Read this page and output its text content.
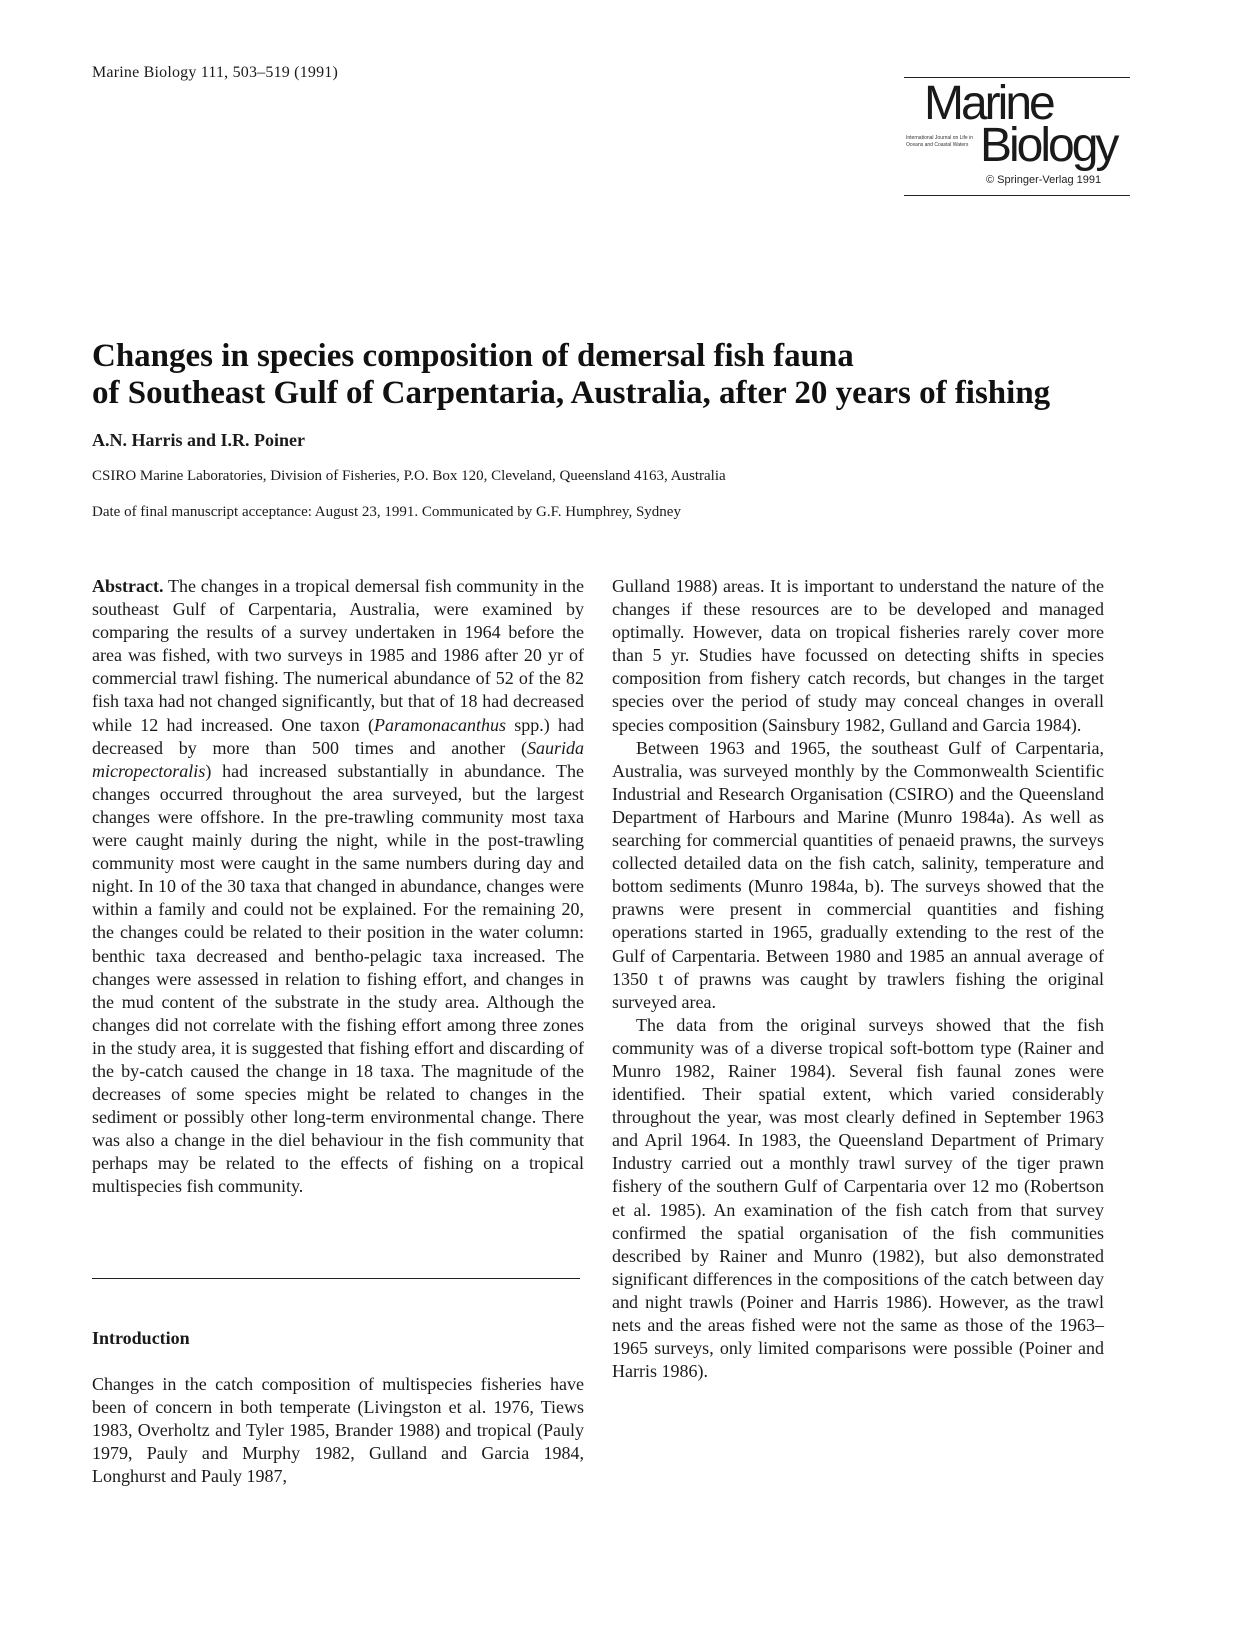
Marine Biology 111, 503–519 (1991)
Marine
International Journal on Life in Oceans and Coastal Waters Biology
© Springer-Verlag 1991
Changes in species composition of demersal fish fauna
of Southeast Gulf of Carpentaria, Australia, after 20 years of fishing
A.N. Harris and I.R. Poiner
CSIRO Marine Laboratories, Division of Fisheries, P.O. Box 120, Cleveland, Queensland 4163, Australia
Date of final manuscript acceptance: August 23, 1991. Communicated by G.F. Humphrey, Sydney

Abstract. The changes in a tropical demersal fish community in the southeast Gulf of Carpentaria, Australia, were examined by comparing the results of a survey undertaken in 1964 before the area was fished, with two surveys in 1985 and 1986 after 20 yr of commercial trawl fishing. The numerical abundance of 52 of the 82 fish taxa had not changed significantly, but that of 18 had decreased while 12 had increased. One taxon (Paramonacanthus spp.) had decreased by more than 500 times and another (Saurida micropectoralis) had increased substantially in abundance. The changes occurred throughout the area surveyed, but the largest changes were offshore. In the pre-trawling community most taxa were caught mainly during the night, while in the post-trawling community most were caught in the same numbers during day and night. In 10 of the 30 taxa that changed in abundance, changes were within a family and could not be explained. For the remaining 20, the changes could be related to their position in the water column: benthic taxa decreased and bentho-pelagic taxa increased. The changes were assessed in relation to fishing effort, and changes in the mud content of the substrate in the study area. Although the changes did not correlate with the fishing effort among three zones in the study area, it is suggested that fishing effort and discarding of the by-catch caused the change in 18 taxa. The magnitude of the decreases of some species might be related to changes in the sediment or possibly other long-term environmental change. There was also a change in the diel behaviour in the fish community that perhaps may be related to the effects of fishing on a tropical multispecies fish community.

Introduction

Changes in the catch composition of multispecies fisheries have been of concern in both temperate (Livingston et al. 1976, Tiews 1983, Overholtz and Tyler 1985, Brander 1988) and tropical (Pauly 1979, Pauly and Murphy 1982, Gulland and Garcia 1984, Longhurst and Pauly 1987,

Gulland 1988) areas. It is important to understand the nature of the changes if these resources are to be developed and managed optimally. However, data on tropical fisheries rarely cover more than 5 yr. Studies have focussed on detecting shifts in species composition from fishery catch records, but changes in the target species over the period of study may conceal changes in overall species composition (Sainsbury 1982, Gulland and Garcia 1984).

Between 1963 and 1965, the southeast Gulf of Carpentaria, Australia, was surveyed monthly by the Commonwealth Scientific Industrial and Research Organisation (CSIRO) and the Queensland Department of Harbours and Marine (Munro 1984a). As well as searching for commercial quantities of penaeid prawns, the surveys collected detailed data on the fish catch, salinity, temperature and bottom sediments (Munro 1984a, b). The surveys showed that the prawns were present in commercial quantities and fishing operations started in 1965, gradually extending to the rest of the Gulf of Carpentaria. Between 1980 and 1985 an annual average of 1350 t of prawns was caught by trawlers fishing the original surveyed area.

The data from the original surveys showed that the fish community was of a diverse tropical soft-bottom type (Rainer and Munro 1982, Rainer 1984). Several fish faunal zones were identified. Their spatial extent, which varied considerably throughout the year, was most clearly defined in September 1963 and April 1964. In 1983, the Queensland Department of Primary Industry carried out a monthly trawl survey of the tiger prawn fishery of the southern Gulf of Carpentaria over 12 mo (Robertson et al. 1985). An examination of the fish catch from that survey confirmed the spatial organisation of the fish communities described by Rainer and Munro (1982), but also demonstrated significant differences in the compositions of the catch between day and night trawls (Poiner and Harris 1986). However, as the trawl nets and the areas fished were not the same as those of the 1963–1965 surveys, only limited comparisons were possible (Poiner and Harris 1986).
